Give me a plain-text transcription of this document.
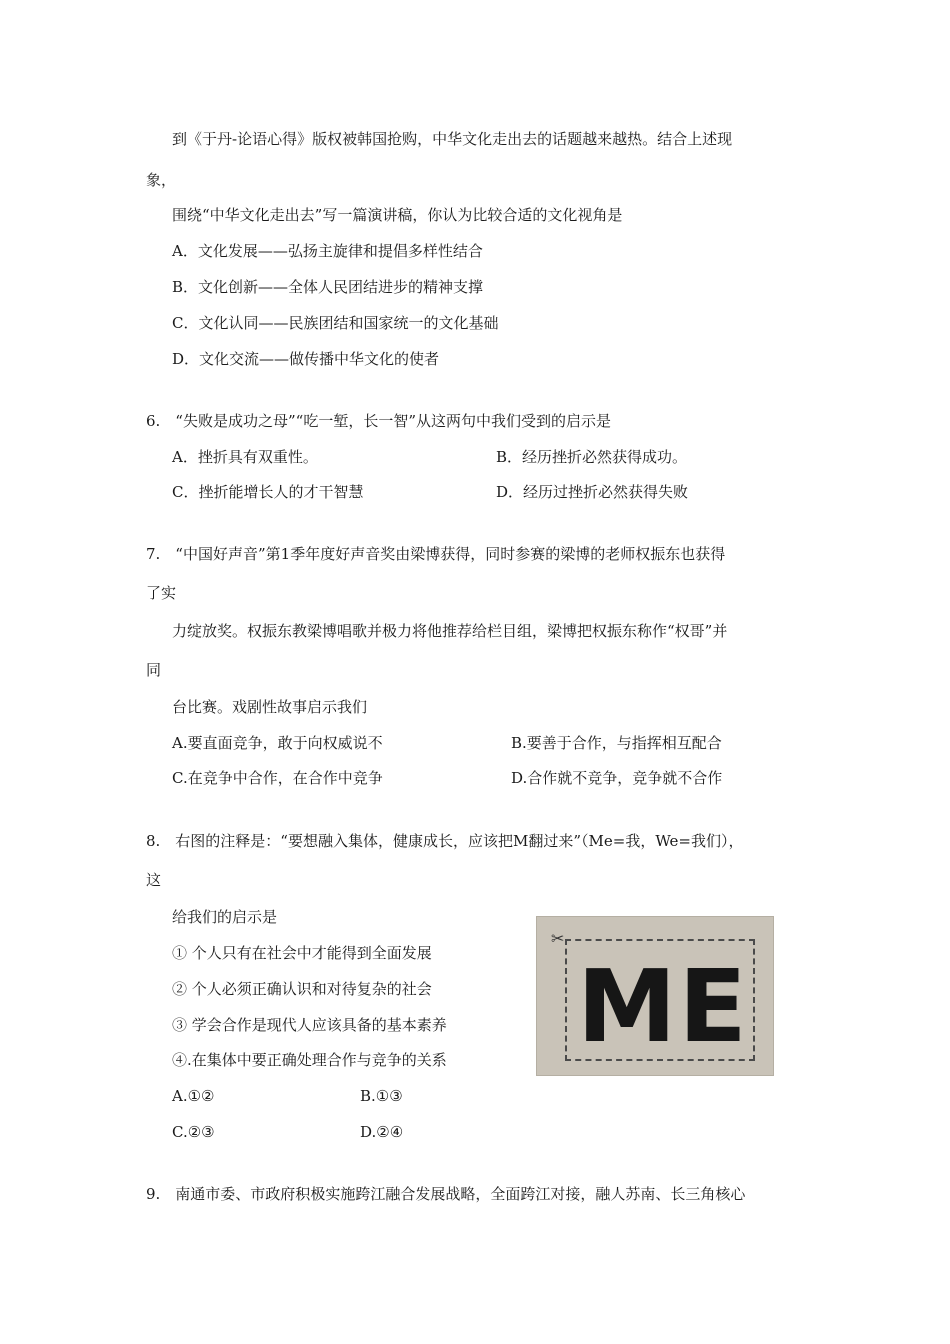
到《于丹-论语心得》版权被韩国抢购，中华文化走出去的话题越来越热。结合上述现
象，
围绕“中华文化走出去”写一篇演讲稿，你认为比较合适的文化视角是
A．文化发展——弘扬主旋律和提倡多样性结合
B．文化创新——全体人民团结进步的精神支撑
C．文化认同——民族团结和国家统一的文化基础
D．文化交流——做传播中华文化的使者
6.　“失败是成功之母”“吃一堑，长一智”从这两句中我们受到的启示是
A．挫折具有双重性。	B．经历挫折必然获得成功。
C．挫折能增长人的才干智慧	D．经历过挫折必然获得失败
7.　“中国好声音”第1季年度好声音奖由梁博获得，同时参赛的梁博的老师权振东也获得
了实
力绽放奖。权振东教梁博唱歌并极力将他推荐给栏目组，梁博把权振东称作“权哥”并
同
台比赛。戏剧性故事启示我们
A.要直面竞争，敢于向权威说不	B.要善于合作，与指挥相互配合
C.在竞争中合作，在合作中竞争	D.合作就不竞争，竞争就不合作
8.　右图的注释是：“要想融入集体，健康成长，应该把M翻过来”（Me=我，We=我们），
这
给我们的启示是
① 个人只有在社会中才能得到全面发展
② 个人必须正确认识和对待复杂的社会
③ 学会合作是现代人应该具备的基本素养
④.在集体中要正确处理合作与竞争的关系
A.①②	B.①③
C.②③	D.②④
✂
ME
9.　南通市委、市政府积极实施跨江融合发展战略，全面跨江对接，融人苏南、长三角核心
